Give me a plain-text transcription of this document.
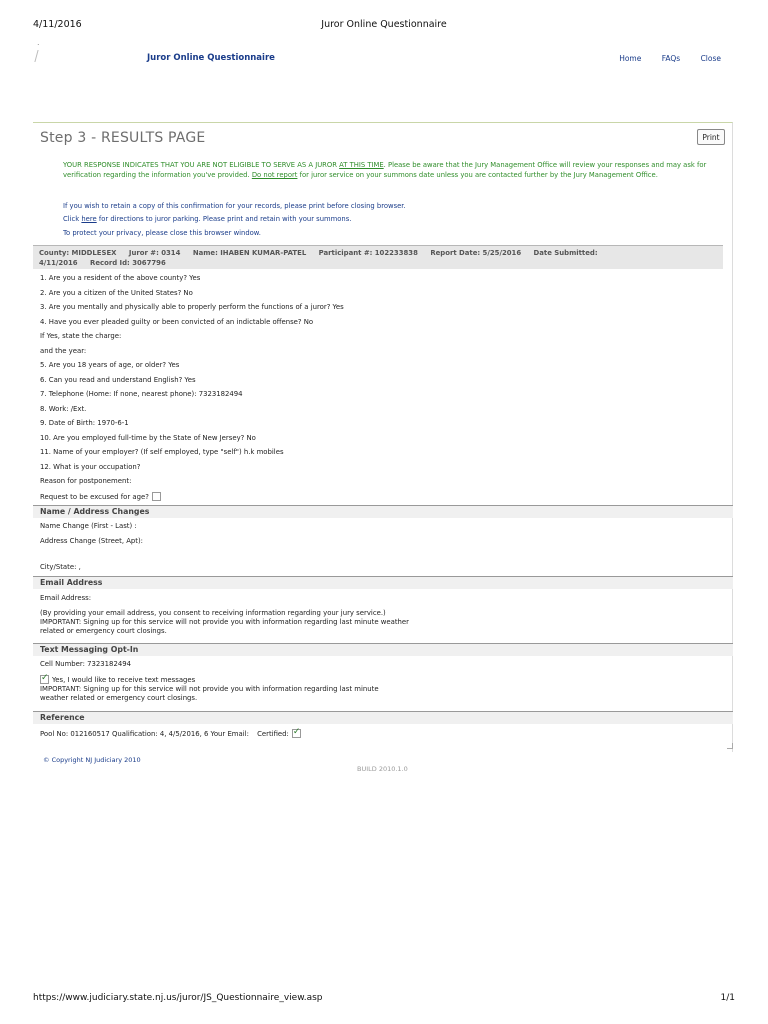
4/11/2016	Juror Online Questionnaire
.
Juror Online Questionnaire	Home	FAQs	Close
Step 3 - RESULTS PAGE	Print
YOUR RESPONSE INDICATES THAT YOU ARE NOT ELIGIBLE TO SERVE AS A JUROR AT THIS TIME. Please be aware that the Jury Management Office will review your responses and may ask for verification regarding the information you've provided. Do not report for juror service on your summons date unless you are contacted further by the Jury Management Office.
If you wish to retain a copy of this confirmation for your records, please print before closing browser.
Click here for directions to juror parking. Please print and retain with your summons.
To protect your privacy, please close this browser window.
County: MIDDLESEX Juror #: 0314 Name: IHABEN KUMAR-PATEL Participant #: 102233838 Report Date: 5/25/2016 Date Submitted:
4/11/2016 Record Id: 3067796
1. Are you a resident of the above county? Yes
2. Are you a citizen of the United States? No
3. Are you mentally and physically able to properly perform the functions of a juror? Yes
4. Have you ever pleaded guilty or been convicted of an indictable offense? No
If Yes, state the charge:
and the year:
5. Are you 18 years of age, or older? Yes
6. Can you read and understand English? Yes
7. Telephone (Home: If none, nearest phone): 7323182494
8. Work: /Ext.
9. Date of Birth: 1970-6-1
10. Are you employed full-time by the State of New Jersey? No
11. Name of your employer? (If self employed, type "self") h.k mobiles
12. What is your occupation?
Reason for postponement:
Request to be excused for age?
Name / Address Changes
Name Change (First - Last) :
Address Change (Street, Apt):
City/State: ,
Email Address
Email Address:
(By providing your email address, you consent to receiving information regarding your jury service.)
IMPORTANT: Signing up for this service will not provide you with information regarding last minute weather
related or emergency court closings.
Text Messaging Opt-In
Cell Number: 7323182494
✓Yes, I would like to receive text messages
IMPORTANT: Signing up for this service will not provide you with information regarding last minute
weather related or emergency court closings.
Reference
Pool No: 012160517 Qualification: 4, 4/5/2016, 6 Your Email: Certified:✓
© Copyright NJ Judiciary 2010
BUILD 2010.1.0
https://www.judiciary.state.nj.us/juror/JS_Questionnaire_view.asp	1/1
